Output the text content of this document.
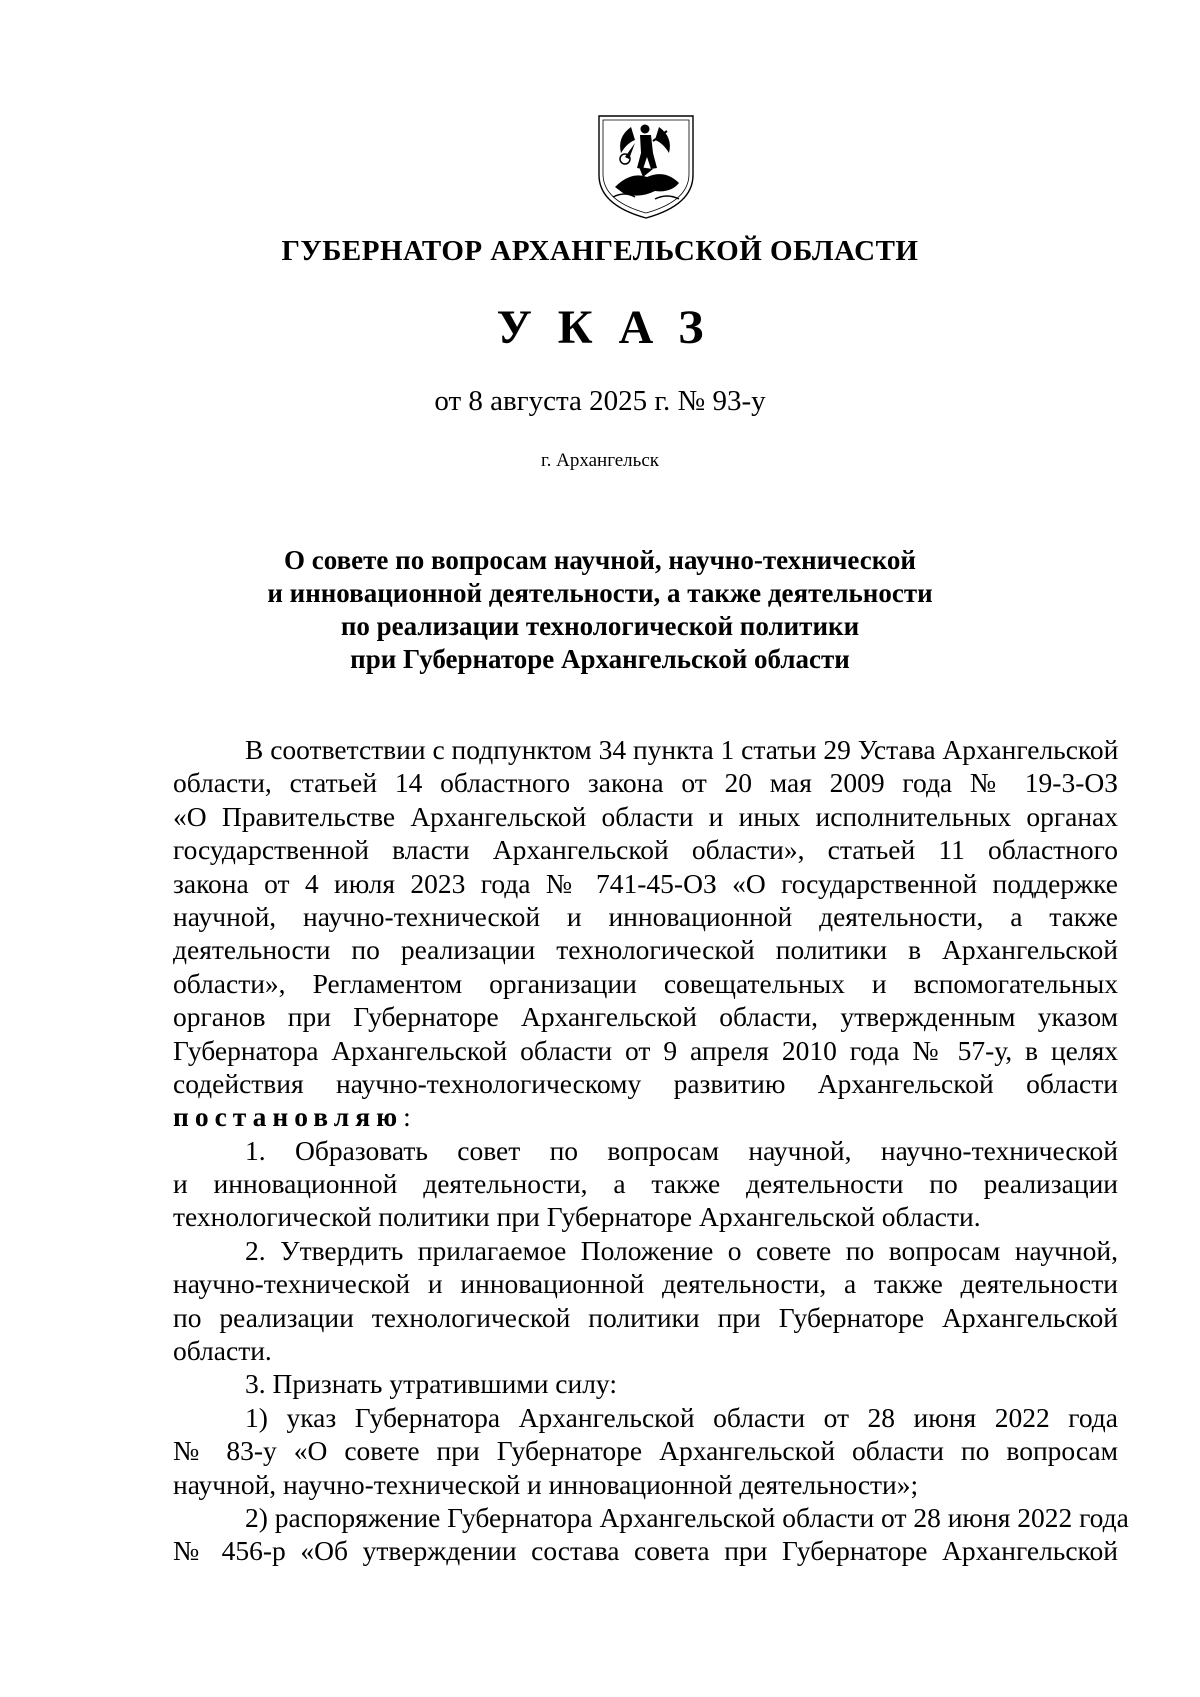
ГУБЕРНАТОР АРХАНГЕЛЬСКОЙ ОБЛАСТИ
УКАЗ
от 8 августа 2025 г. № 93-у
г. Архангельск
О совете по вопросам научной, научно-технической
и инновационной деятельности, а также деятельности
по реализации технологической политики
при Губернаторе Архангельской области
В соответствии с подпунктом 34 пункта 1 статьи 29 Устава Архангельской
области, статьей 14 областного закона от 20 мая 2009 года № 19-3-ОЗ
«О Правительстве Архангельской области и иных исполнительных органах
государственной власти Архангельской области», статьей 11 областного
закона от 4 июля 2023 года № 741-45-ОЗ «О государственной поддержке
научной, научно-технической и инновационной деятельности, а также
деятельности по реализации технологической политики в Архангельской
области», Регламентом организации совещательных и вспомогательных
органов при Губернаторе Архангельской области, утвержденным указом
Губернатора Архангельской области от 9 апреля 2010 года № 57-у, в целях
содействия научно-технологическому развитию Архангельской области
постановляю:
1. Образовать совет по вопросам научной, научно-технической
и инновационной деятельности, а также деятельности по реализации
технологической политики при Губернаторе Архангельской области.
2. Утвердить прилагаемое Положение о совете по вопросам научной,
научно-технической и инновационной деятельности, а также деятельности
по реализации технологической политики при Губернаторе Архангельской
области.
3. Признать утратившими силу:
1) указ Губернатора Архангельской области от 28 июня 2022 года
№ 83-у «О совете при Губернаторе Архангельской области по вопросам
научной, научно-технической и инновационной деятельности»;
2) распоряжение Губернатора Архангельской области от 28 июня 2022 года
№ 456-р «Об утверждении состава совета при Губернаторе Архангельской
